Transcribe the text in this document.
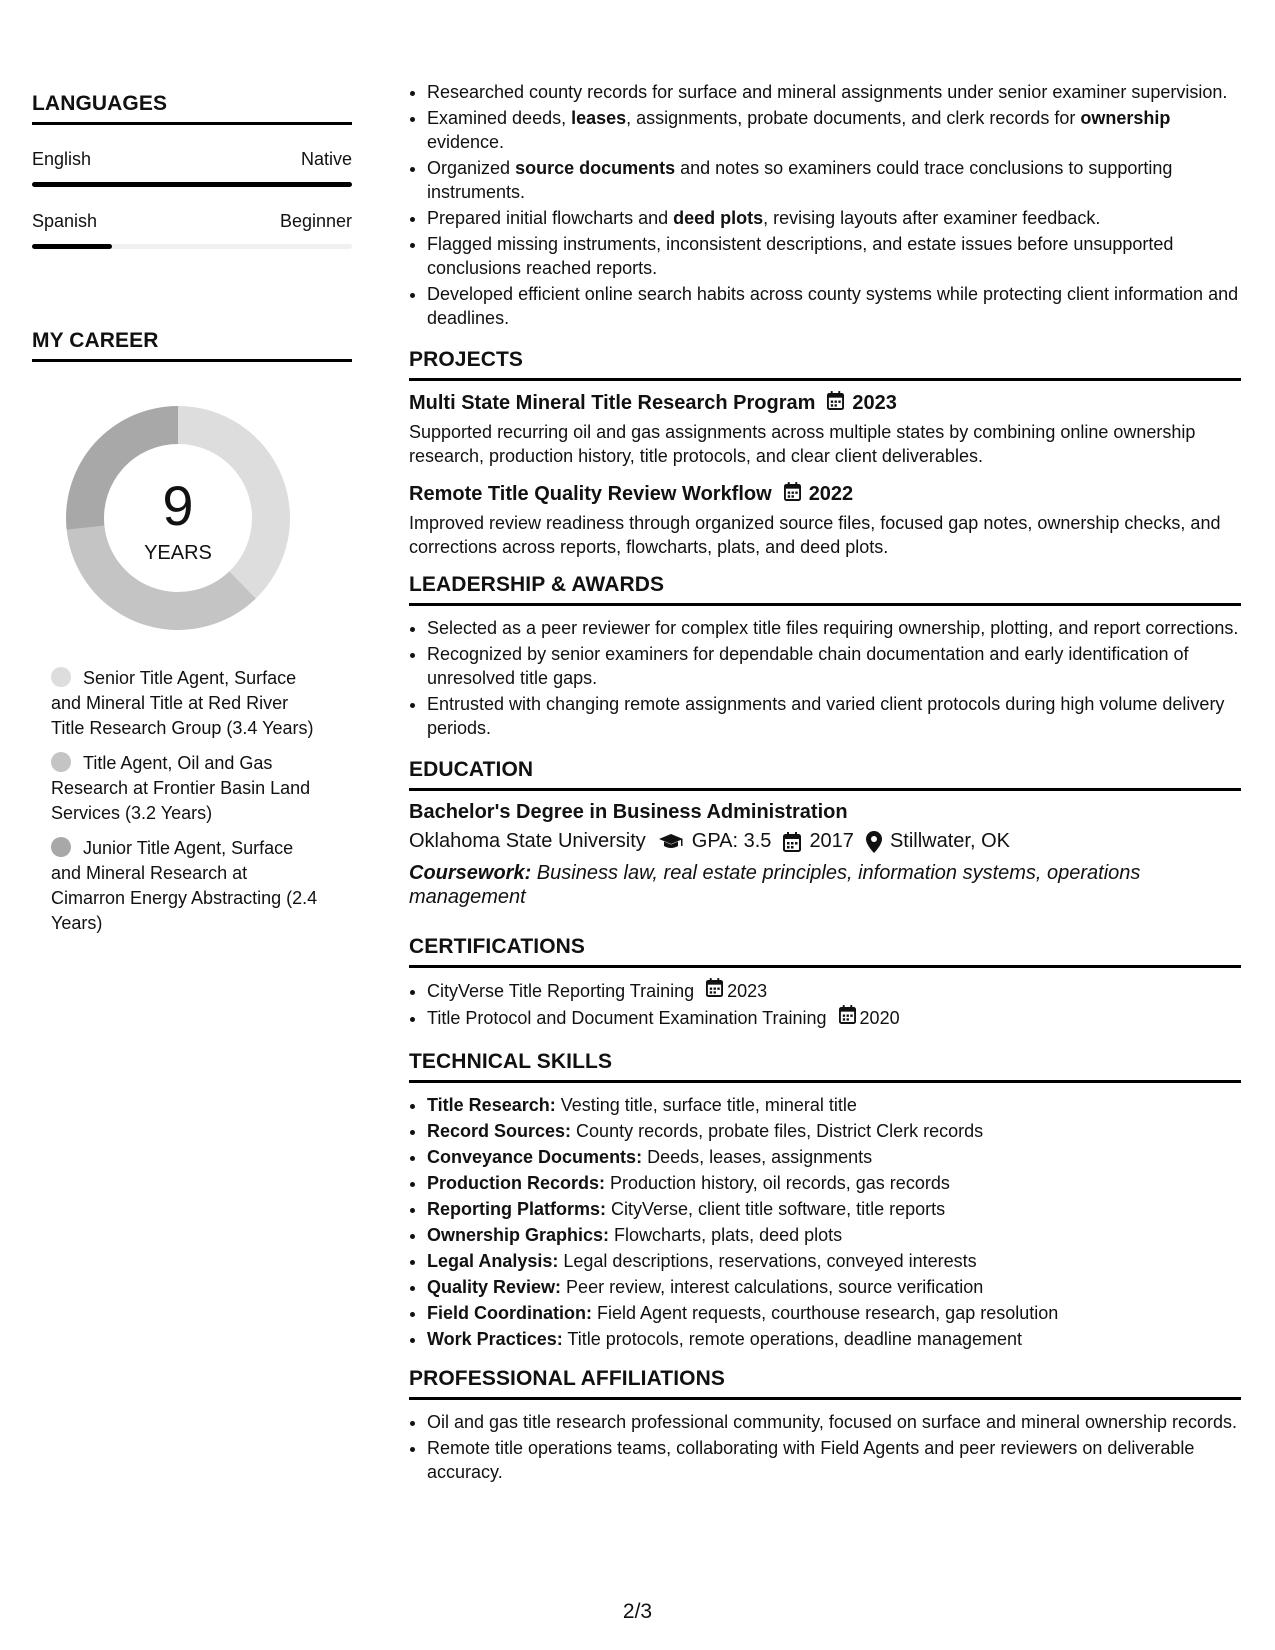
LANGUAGES
English	Native
Spanish	Beginner
MY CAREER
9
YEARS
Senior Title Agent, Surface and Mineral Title at Red River Title Research Group (3.4 Years)
Title Agent, Oil and Gas Research at Frontier Basin Land Services (3.2 Years)
Junior Title Agent, Surface and Mineral Research at Cimarron Energy Abstracting (2.4 Years)
• Researched county records for surface and mineral assignments under senior examiner supervision.
• Examined deeds, leases, assignments, probate documents, and clerk records for ownership evidence.
• Organized source documents and notes so examiners could trace conclusions to supporting instruments.
• Prepared initial flowcharts and deed plots, revising layouts after examiner feedback.
• Flagged missing instruments, inconsistent descriptions, and estate issues before unsupported conclusions reached reports.
• Developed efficient online search habits across county systems while protecting client information and deadlines.
PROJECTS
Multi State Mineral Title Research Program 2023
Supported recurring oil and gas assignments across multiple states by combining online ownership research, production history, title protocols, and clear client deliverables.
Remote Title Quality Review Workflow 2022
Improved review readiness through organized source files, focused gap notes, ownership checks, and corrections across reports, flowcharts, plats, and deed plots.
LEADERSHIP & AWARDS
• Selected as a peer reviewer for complex title files requiring ownership, plotting, and report corrections.
• Recognized by senior examiners for dependable chain documentation and early identification of unresolved title gaps.
• Entrusted with changing remote assignments and varied client protocols during high volume delivery periods.
EDUCATION
Bachelor's Degree in Business Administration
Oklahoma State University GPA: 3.5 2017 Stillwater, OK
Coursework: Business law, real estate principles, information systems, operations management
CERTIFICATIONS
• CityVerse Title Reporting Training 2023
• Title Protocol and Document Examination Training 2020
TECHNICAL SKILLS
• Title Research: Vesting title, surface title, mineral title
• Record Sources: County records, probate files, District Clerk records
• Conveyance Documents: Deeds, leases, assignments
• Production Records: Production history, oil records, gas records
• Reporting Platforms: CityVerse, client title software, title reports
• Ownership Graphics: Flowcharts, plats, deed plots
• Legal Analysis: Legal descriptions, reservations, conveyed interests
• Quality Review: Peer review, interest calculations, source verification
• Field Coordination: Field Agent requests, courthouse research, gap resolution
• Work Practices: Title protocols, remote operations, deadline management
PROFESSIONAL AFFILIATIONS
• Oil and gas title research professional community, focused on surface and mineral ownership records.
• Remote title operations teams, collaborating with Field Agents and peer reviewers on deliverable accuracy.
2/3
